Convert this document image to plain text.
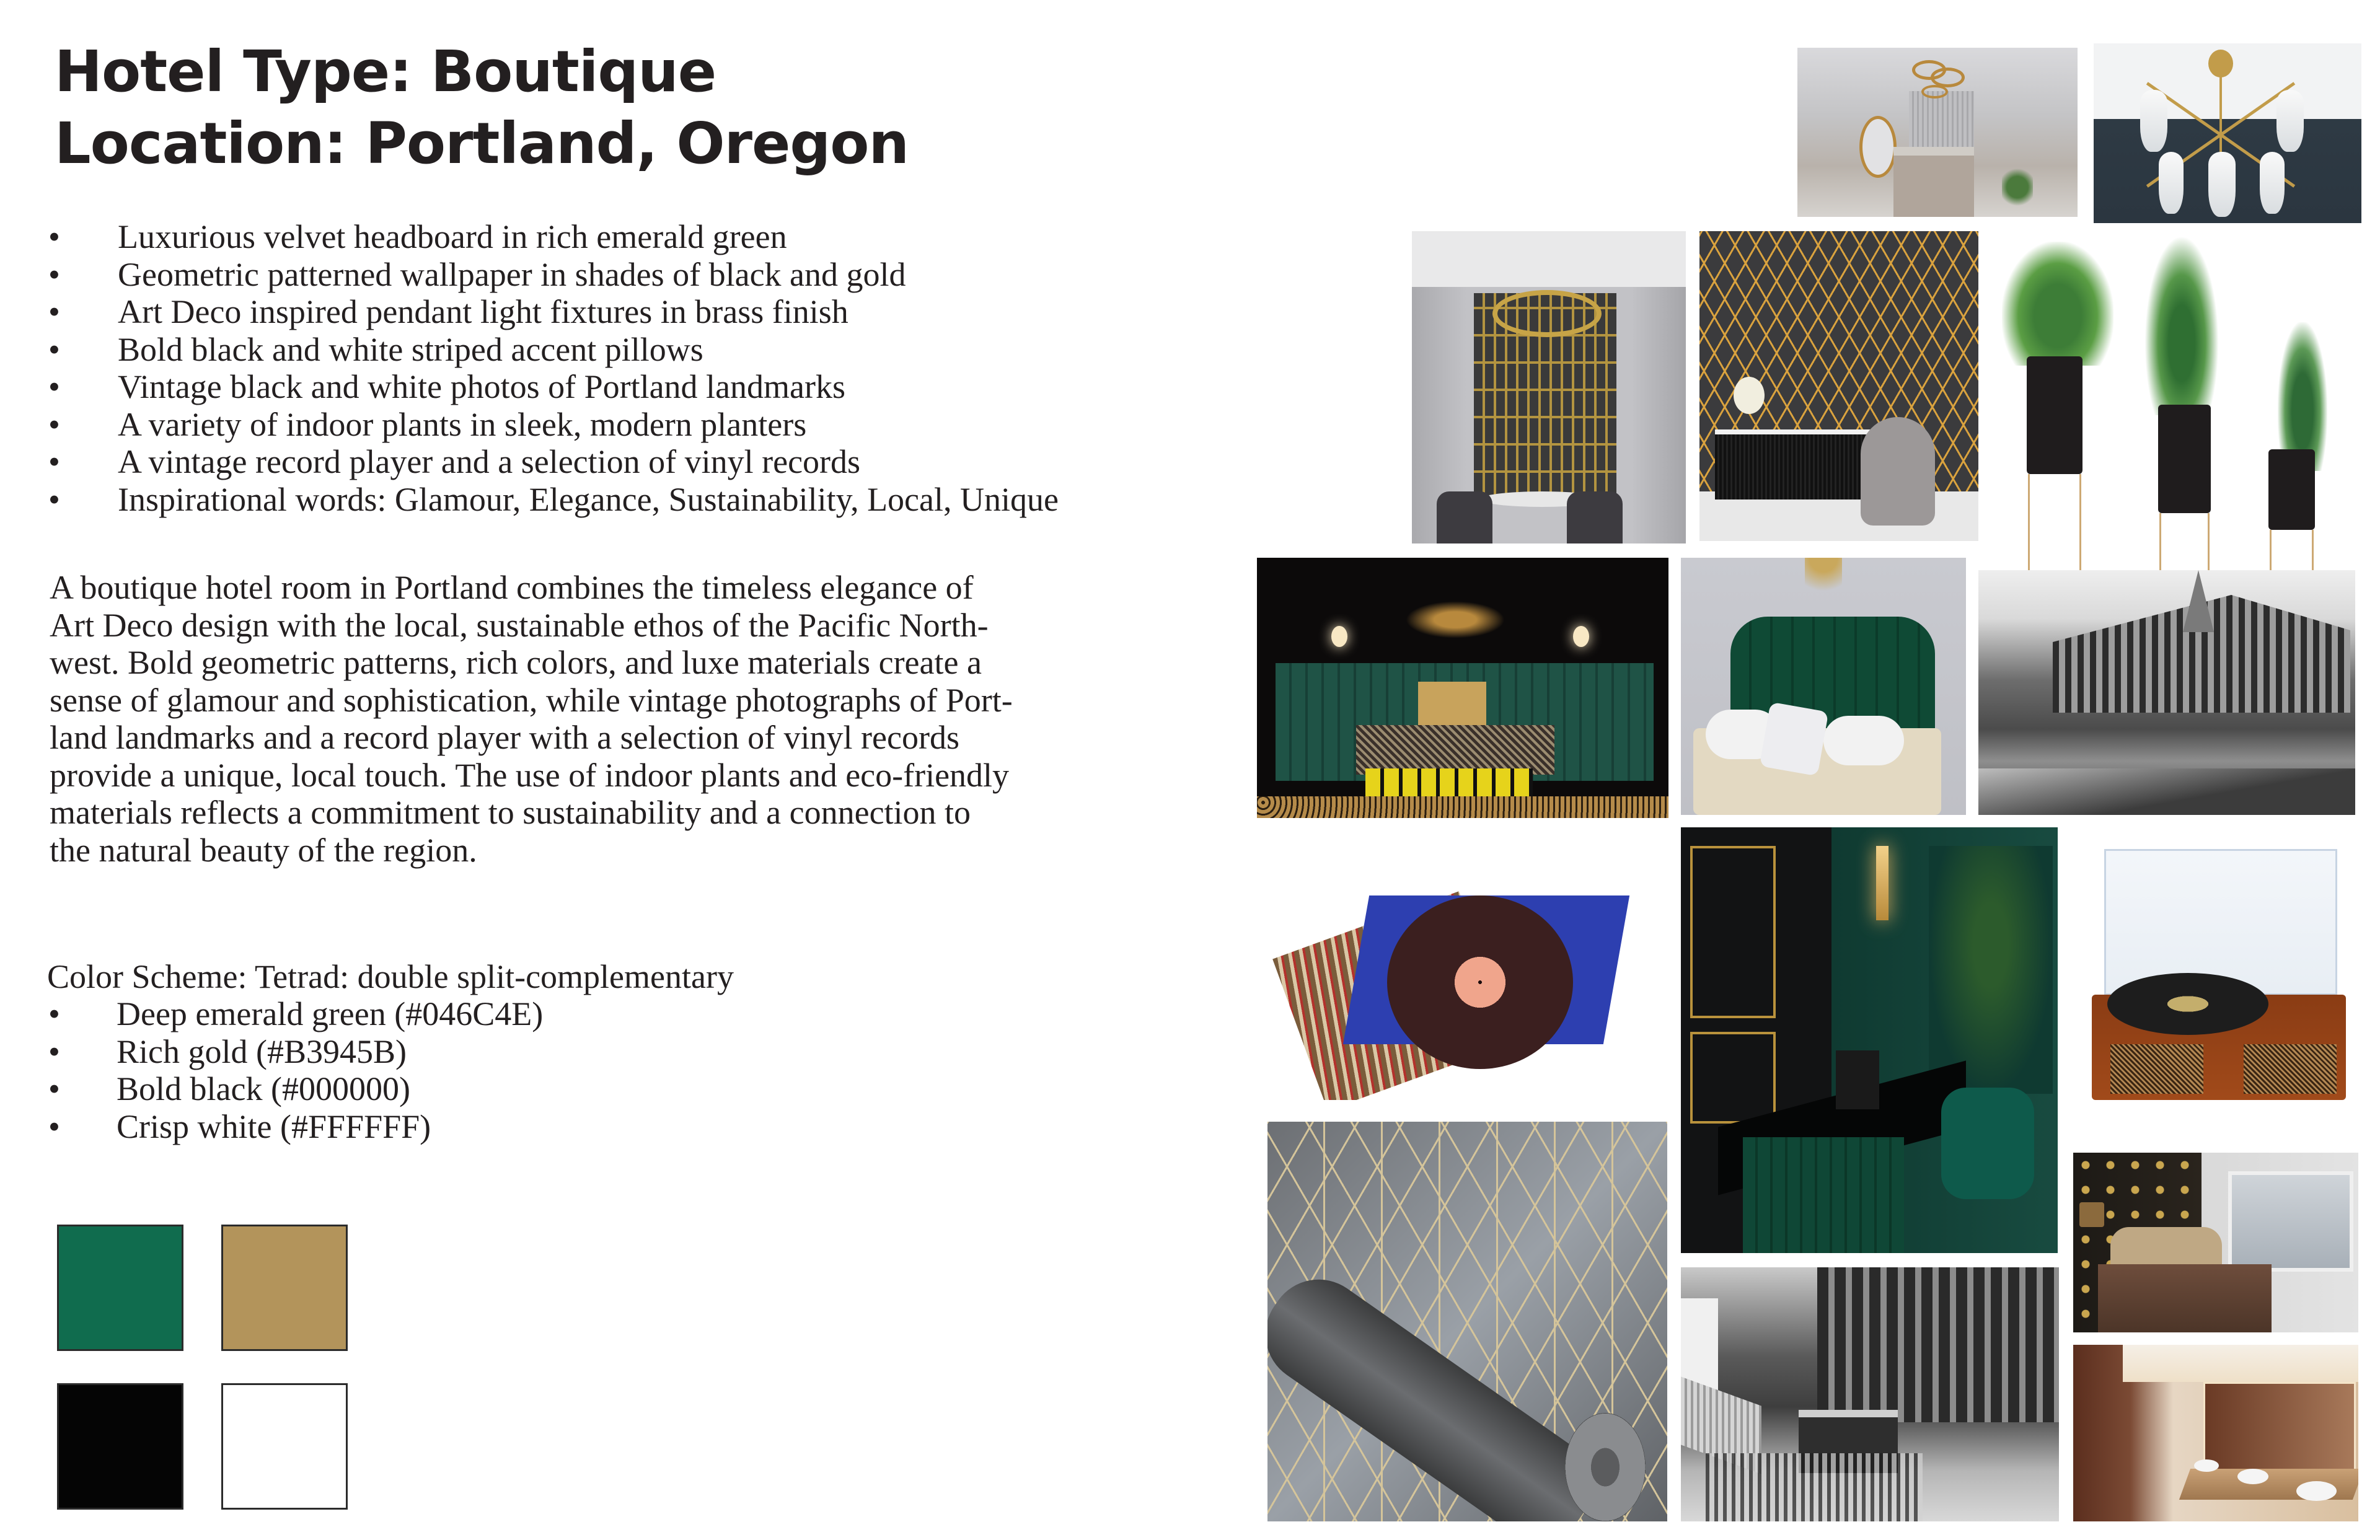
Hotel Type: Boutique
Location: Portland, Oregon
• Luxurious velvet headboard in rich emerald green
• Geometric patterned wallpaper in shades of black and gold
• Art Deco inspired pendant light fixtures in brass finish
• Bold black and white striped accent pillows
• Vintage black and white photos of Portland landmarks
• A variety of indoor plants in sleek, modern planters
• A vintage record player and a selection of vinyl records
• Inspirational words: Glamour, Elegance, Sustainability, Local, Unique

A boutique hotel room in Portland combines the timeless elegance of
Art Deco design with the local, sustainable ethos of the Pacific North-
west. Bold geometric patterns, rich colors, and luxe materials create a
sense of glamour and sophistication, while vintage photographs of Port-
land landmarks and a record player with a selection of vinyl records
provide a unique, local touch. The use of indoor plants and eco-friendly
materials reflects a commitment to sustainability and a connection to
the natural beauty of the region.

Color Scheme: Tetrad: double split-complementary

• Deep emerald green (#046C4E)
• Rich gold (#B3945B)
• Bold black (#000000)
• Crisp white (#FFFFFF)
